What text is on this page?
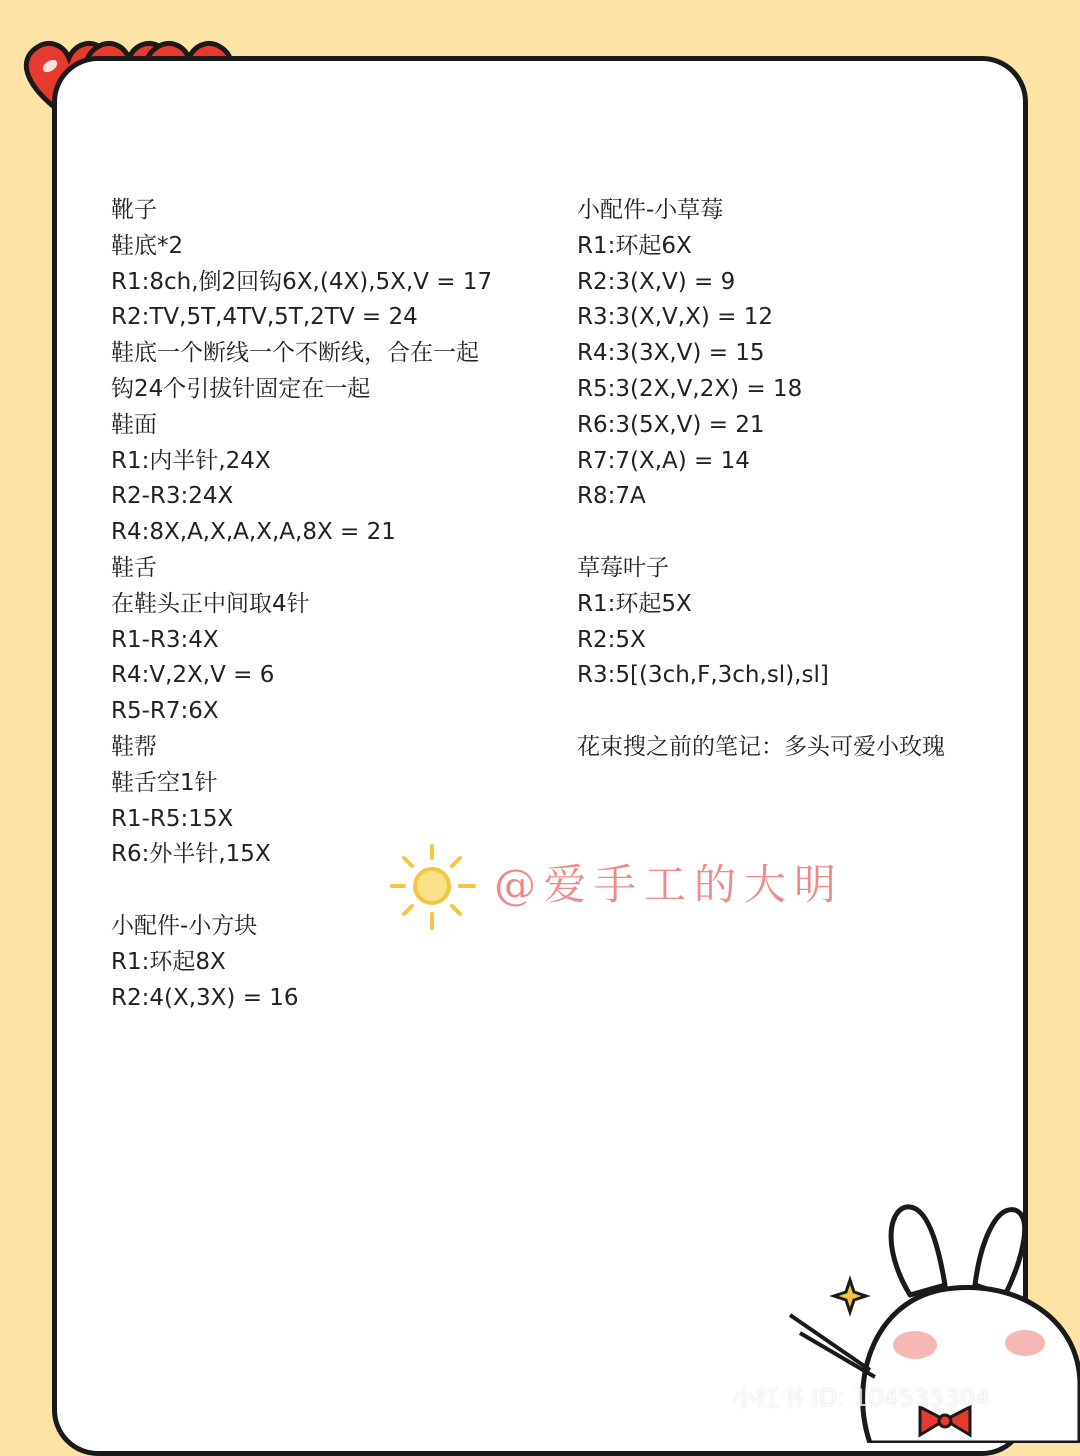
靴子
鞋底*2
R1:8ch,倒2回钩6X,(4X),5X,V = 17
R2:TV,5T,4TV,5T,2TV = 24
鞋底一个断线一个不断线，合在一起
钩24个引拔针固定在一起
鞋面
R1:内半针,24X
R2-R3:24X
R4:8X,A,X,A,X,A,8X = 21
鞋舌
在鞋头正中间取4针
R1-R3:4X
R4:V,2X,V = 6
R5-R7:6X
鞋帮
鞋舌空1针
R1-R5:15X
R6:外半针,15X
小配件-小方块
R1:环起8X
R2:4(X,3X) = 16
小配件-小草莓
R1:环起6X
R2:3(X,V) = 9
R3:3(X,V,X) = 12
R4:3(3X,V) = 15
R5:3(2X,V,2X) = 18
R6:3(5X,V) = 21
R7:7(X,A) = 14
R8:7A
草莓叶子
R1:环起5X
R2:5X
R3:5[(3ch,F,3ch,sl),sl]
花束搜之前的笔记：多头可爱小玫瑰
@爱手工的大明
小红书 ID: 104535304
